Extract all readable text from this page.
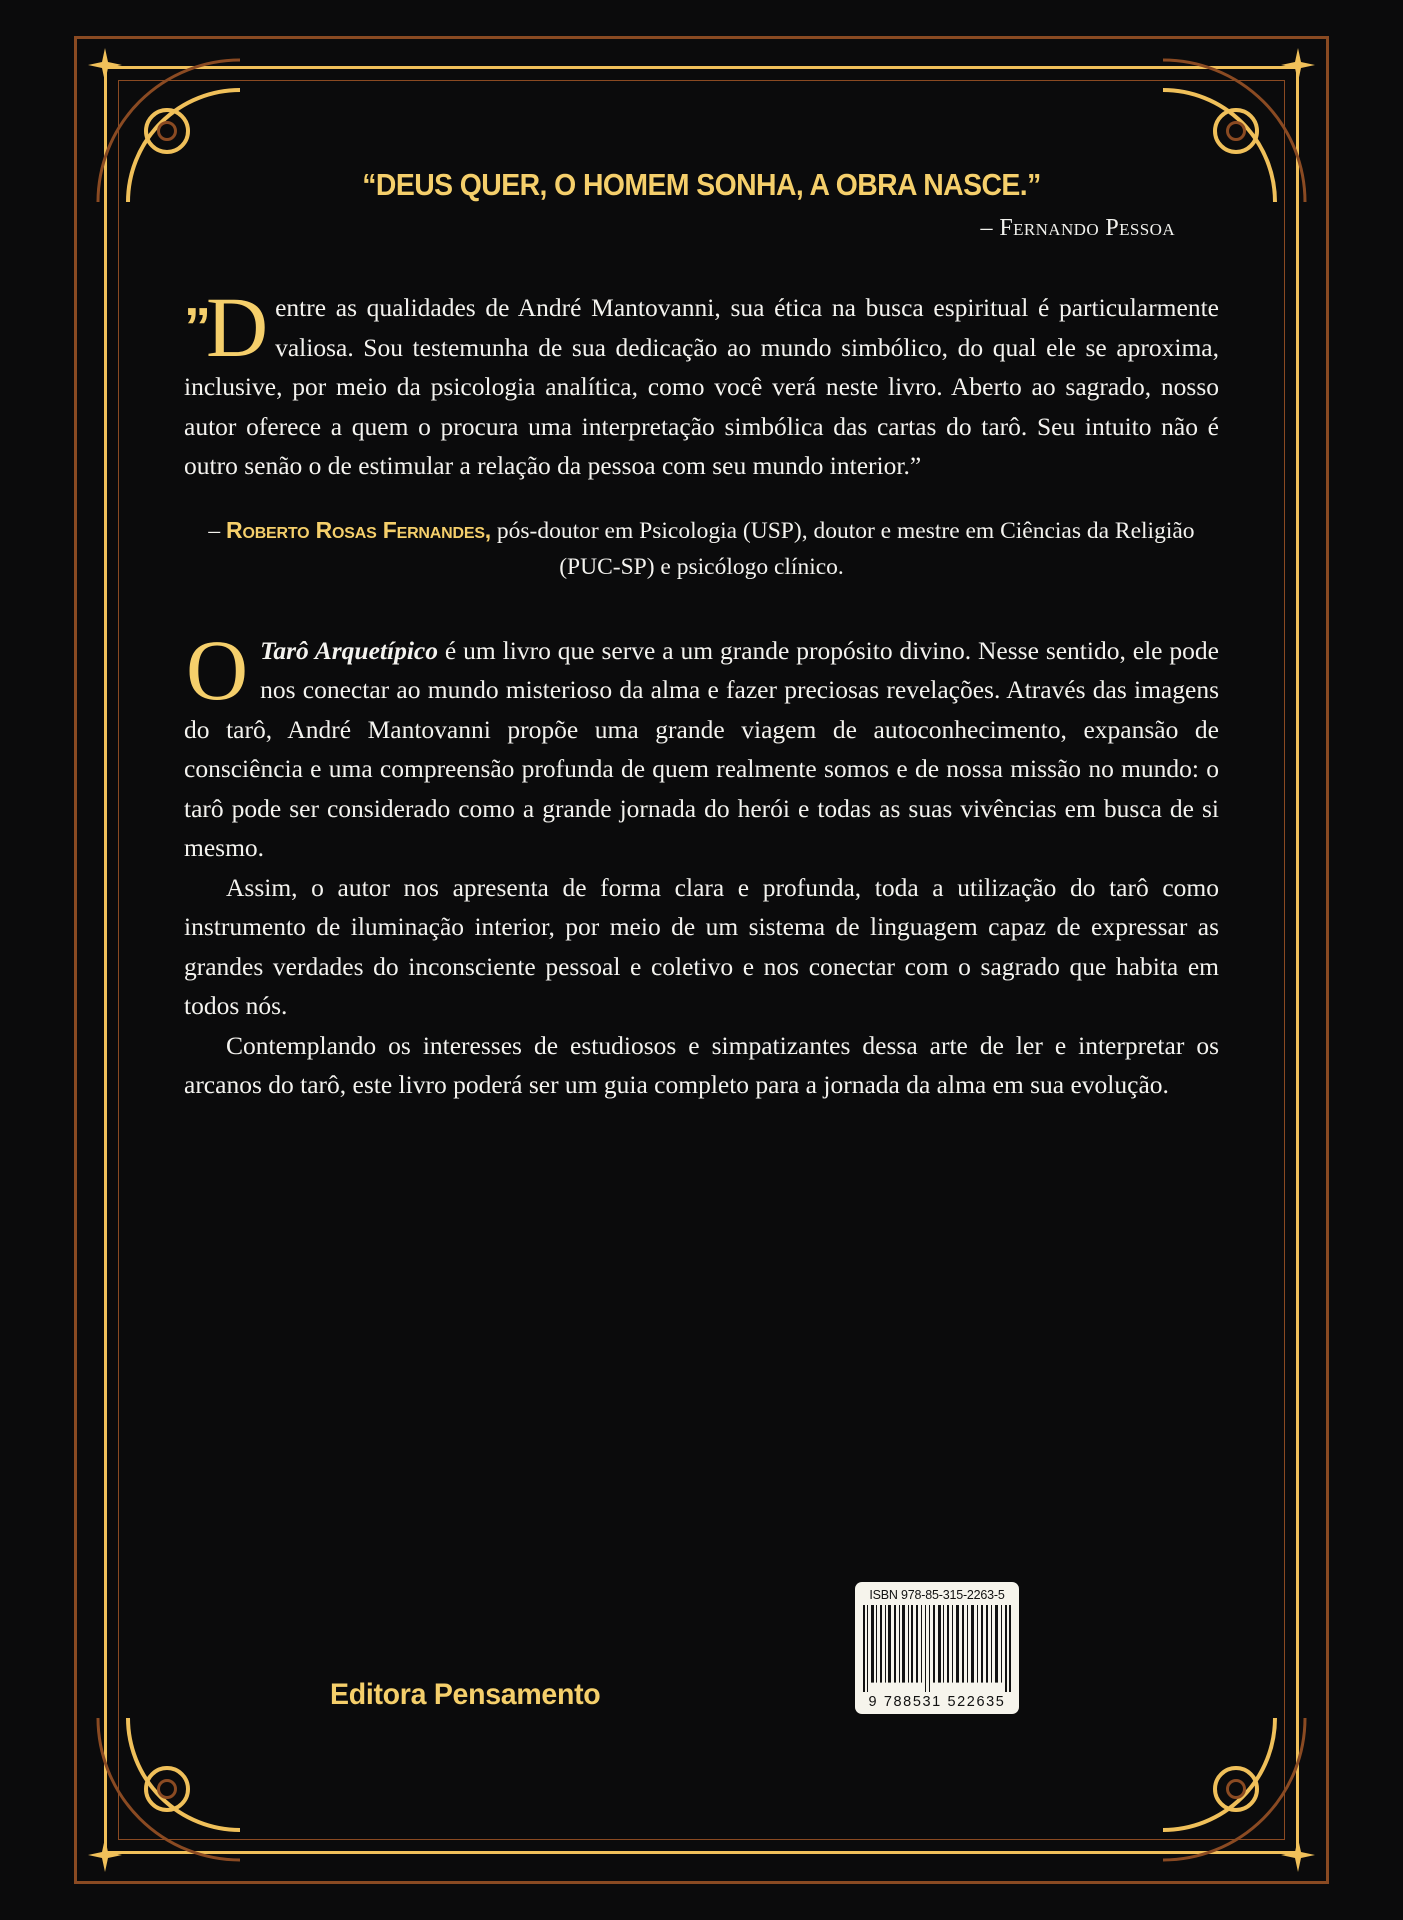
“DEUS QUER, O HOMEM SONHA, A OBRA NASCE.”
– Fernando Pessoa
”
Dentre as qualidades de André Mantovanni, sua ética na busca espiritual é particularmente valiosa. Sou testemunha de sua dedicação ao mundo simbólico, do qual ele se aproxima, inclusive, por meio da psicologia analítica, como você verá neste livro. Aberto ao sagrado, nosso autor oferece a quem o procura uma interpretação simbólica das cartas do tarô. Seu intuito não é outro senão o de estimular a relação da pessoa com seu mundo interior.”
– Roberto Rosas Fernandes, pós-doutor em Psicologia (USP), doutor e mestre em Ciências da Religião (PUC-SP) e psicólogo clínico.
O Tarô Arquetípico é um livro que serve a um grande propósito divino. Nesse sentido, ele pode nos conectar ao mundo misterioso da alma e fazer preciosas revelações. Através das imagens do tarô, André Mantovanni propõe uma grande viagem de autoconhecimento, expansão de consciência e uma compreensão profunda de quem realmente somos e de nossa missão no mundo: o tarô pode ser considerado como a grande jornada do herói e todas as suas vivências em busca de si mesmo.
Assim, o autor nos apresenta de forma clara e profunda, toda a utilização do tarô como instrumento de iluminação interior, por meio de um sistema de linguagem capaz de expressar as grandes verdades do inconsciente pessoal e coletivo e nos conectar com o sagrado que habita em todos nós.
Contemplando os interesses de estudiosos e simpatizantes dessa arte de ler e interpretar os arcanos do tarô, este livro poderá ser um guia completo para a jornada da alma em sua evolução.
Editora Pensamento
ISBN 978-85-315-2263-5
9 788531 522635
